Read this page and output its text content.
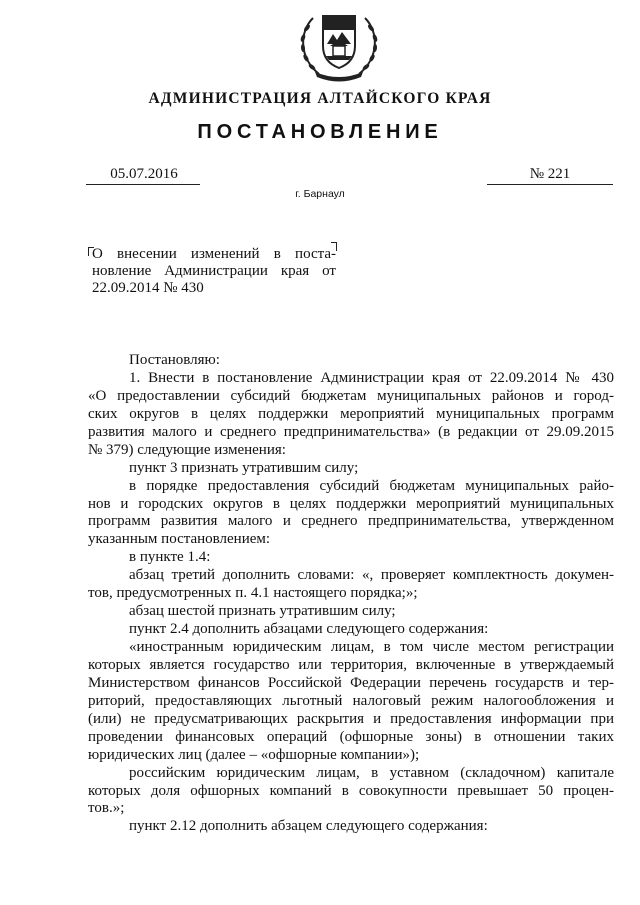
АДМИНИСТРАЦИЯ АЛТАЙСКОГО КРАЯ
ПОСТАНОВЛЕНИЕ
05.07.2016	№ 221
г. Барнаул
О внесении изменений в поста-
новление Администрации края от
22.09.2014 № 430
Постановляю:
1. Внести в постановление Администрации края от 22.09.2014 № 430
«О предоставлении субсидий бюджетам муниципальных районов и город-
ских округов в целях поддержки мероприятий муниципальных программ
развития малого и среднего предпринимательства» (в редакции от 29.09.2015
№ 379) следующие изменения:
пункт 3 признать утратившим силу;
в порядке предоставления субсидий бюджетам муниципальных райо-
нов и городских округов в целях поддержки мероприятий муниципальных
программ развития малого и среднего предпринимательства, утвержденном
указанным постановлением:
в пункте 1.4:
абзац третий дополнить словами: «, проверяет комплектность докумен-
тов, предусмотренных п. 4.1 настоящего порядка;»;
абзац шестой признать утратившим силу;
пункт 2.4 дополнить абзацами следующего содержания:
«иностранным юридическим лицам, в том числе местом регистрации
которых является государство или территория, включенные в утверждаемый
Министерством финансов Российской Федерации перечень государств и тер-
риторий, предоставляющих льготный налоговый режим налогообложения и
(или) не предусматривающих раскрытия и предоставления информации при
проведении финансовых операций (офшорные зоны) в отношении таких
юридических лиц (далее – «офшорные компании»);
российским юридическим лицам, в уставном (складочном) капитале
которых доля офшорных компаний в совокупности превышает 50 процен-
тов.»;
пункт 2.12 дополнить абзацем следующего содержания:
